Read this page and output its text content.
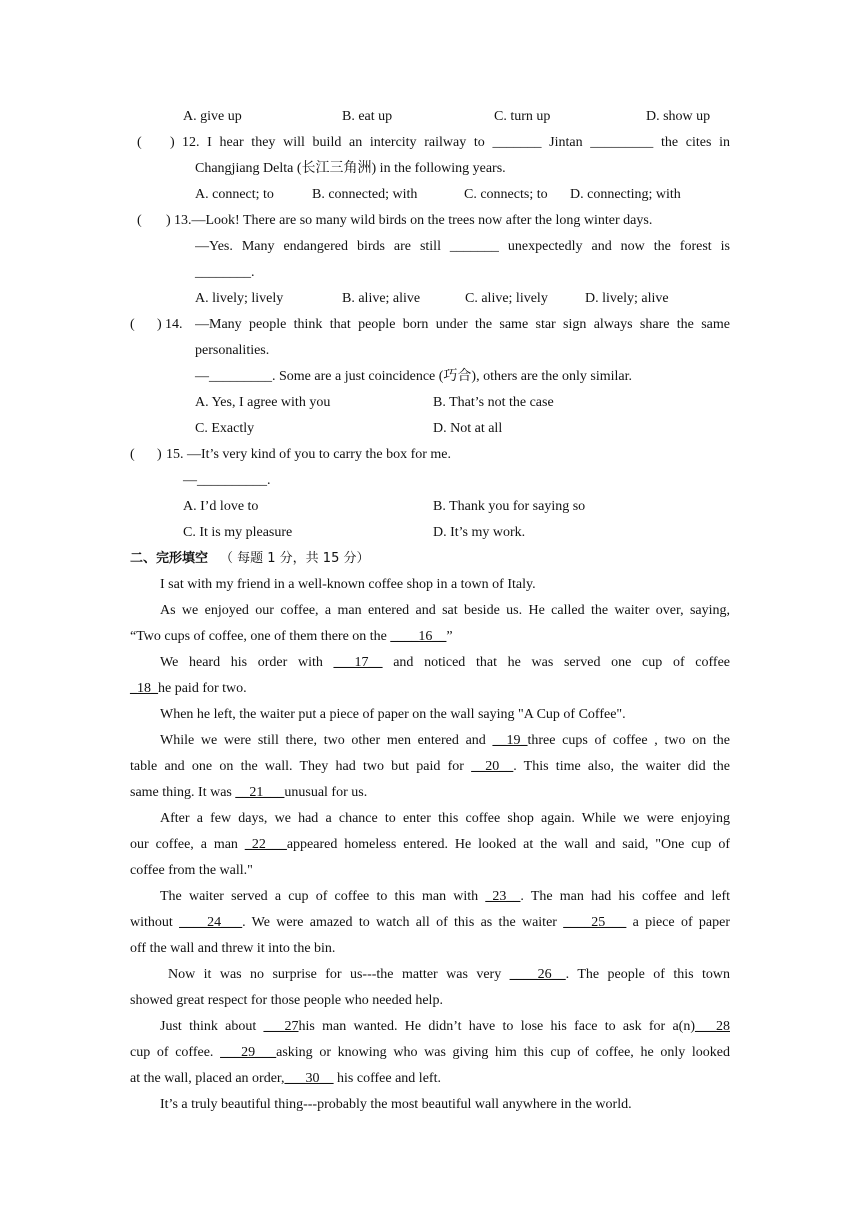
A. give up	B. eat up	C. turn up	D. show up
( ) 12. I hear they will build an intercity railway to _______ Jintan _________ the cites in
Changjiang Delta (长江三角洲) in the following years.
A. connect; to	B. connected; with	C. connects; to D. connecting; with
( ) 13.—Look! There are so many wild birds on the trees now after the long winter days.
—Yes. Many endangered birds are still _______ unexpectedly and now the forest is
________.
A. lively; lively	B. alive; alive	C. alive; lively	D. lively; alive
( ) 14. —Many people think that people born under the same star sign always share the same
personalities.
—_________. Some are a just coincidence (巧合), others are the only similar.
A. Yes, I agree with you	B. That’s not the case
C. Exactly	D. Not at all
( ) 15. —It’s very kind of you to carry the box for me.
—__________.
A. I’d love to	B. Thank you for saying so
C. It is my pleasure	D. It’s my work.
二、完形填空 （ 每题 1 分，共 15 分）
I sat with my friend in a well-known coffee shop in a town of Italy.
As we enjoyed our coffee, a man entered and sat beside us. He called the waiter over, saying,
“Two cups of coffee, one of them there on the ____16__”
We heard his order with ___17__ and noticed that he was served one cup of coffee
_18_he paid for two.
When he left, the waiter put a piece of paper on the wall saying "A Cup of Coffee".
While we were still there, two other men entered and __19_three cups of coffee , two on the
table and one on the wall. They had two but paid for __20__. This time also, the waiter did the
same thing. It was __21___unusual for us.
After a few days, we had a chance to enter this coffee shop again. While we were enjoying
our coffee, a man _22___appeared homeless entered. He looked at the wall and said, "One cup of
coffee from the wall."
The waiter served a cup of coffee to this man with _23__. The man had his coffee and left
without ____24___. We were amazed to watch all of this as the waiter ____25___ a piece of paper
off the wall and threw it into the bin.
Now it was no surprise for us---the matter was very ____26__. The people of this town
showed great respect for those people who needed help.
Just think about ___27his man wanted. He didn’t have to lose his face to ask for a(n)___28
cup of coffee. ___29___asking or knowing who was giving him this cup of coffee, he only looked
at the wall, placed an order,___30__ his coffee and left.
It’s a truly beautiful thing---probably the most beautiful wall anywhere in the world.
